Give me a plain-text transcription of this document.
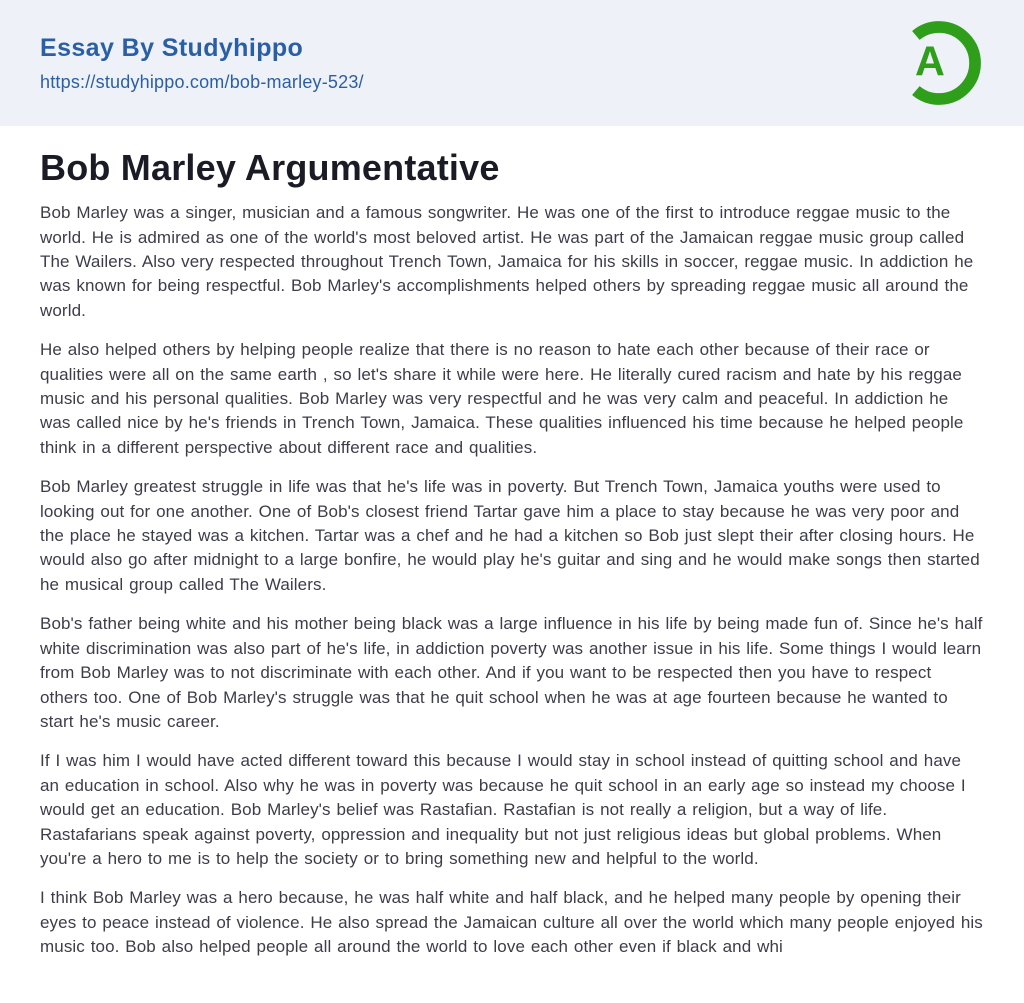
Essay By Studyhippo
https://studyhippo.com/bob-marley-523/	A
Bob Marley Argumentative

Bob Marley was a singer, musician and a famous songwriter. He was one of the first to introduce reggae music to the world. He is admired as one of the world's most beloved artist. He was part of the Jamaican reggae music group called The Wailers. Also very respected throughout Trench Town, Jamaica for his skills in soccer, reggae music. In addiction he was known for being respectful. Bob Marley's accomplishments helped others by spreading reggae music all around the world.

He also helped others by helping people realize that there is no reason to hate each other because of their race or qualities were all on the same earth , so let's share it while were here. He literally cured racism and hate by his reggae music and his personal qualities. Bob Marley was very respectful and he was very calm and peaceful. In addiction he was called nice by he's friends in Trench Town, Jamaica. These qualities influenced his time because he helped people think in a different perspective about different race and qualities.

Bob Marley greatest struggle in life was that he's life was in poverty. But Trench Town, Jamaica youths were used to looking out for one another. One of Bob's closest friend Tartar gave him a place to stay because he was very poor and the place he stayed was a kitchen. Tartar was a chef and he had a kitchen so Bob just slept their after closing hours. He would also go after midnight to a large bonfire, he would play he's guitar and sing and he would make songs then started he musical group called The Wailers.

Bob's father being white and his mother being black was a large influence in his life by being made fun of. Since he's half white discrimination was also part of he's life, in addiction poverty was another issue in his life. Some things I would learn from Bob Marley was to not discriminate with each other. And if you want to be respected then you have to respect others too. One of Bob Marley's struggle was that he quit school when he was at age fourteen because he wanted to start he's music career.

If I was him I would have acted different toward this because I would stay in school instead of quitting school and have an education in school. Also why he was in poverty was because he quit school in an early age so instead my choose I would get an education. Bob Marley's belief was Rastafian. Rastafian is not really a religion, but a way of life. Rastafarians speak against poverty, oppression and inequality but not just religious ideas but global problems. When you're a hero to me is to help the society or to bring something new and helpful to the world.

I think Bob Marley was a hero because, he was half white and half black, and he helped many people by opening their eyes to peace instead of violence. He also spread the Jamaican culture all over the world which many people enjoyed his music too. Bob also helped people all around the world to love each other even if black and whi
